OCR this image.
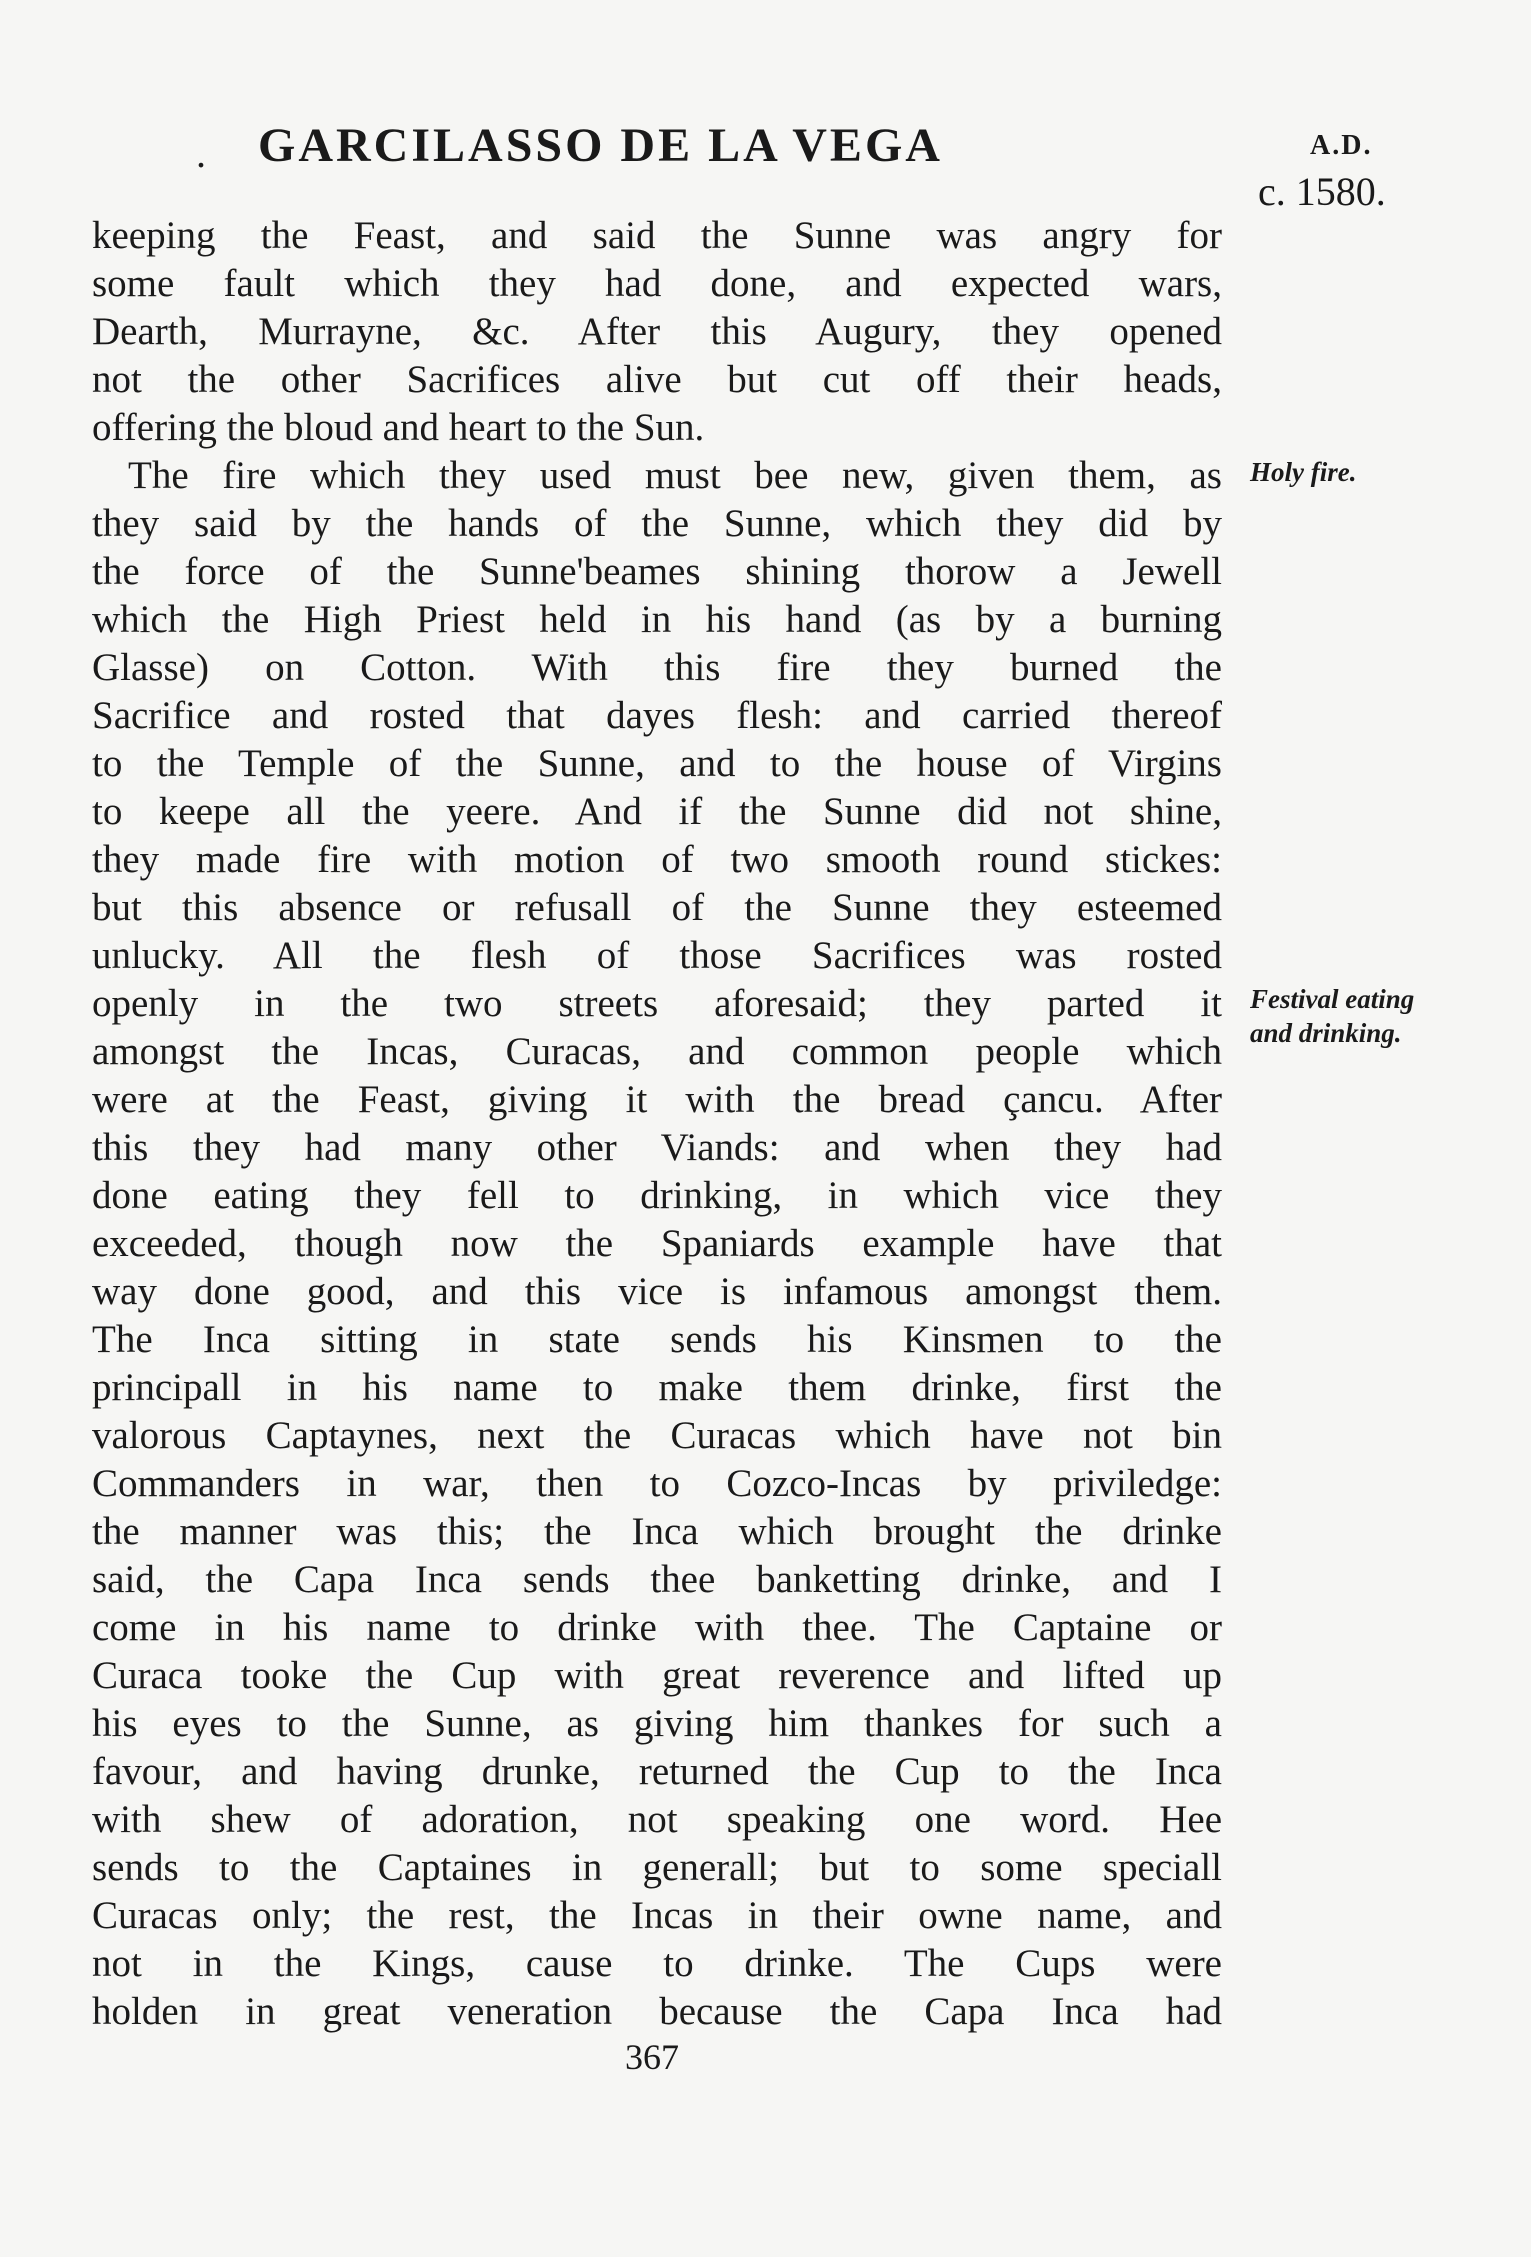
. GARCILASSO DE LA VEGA	A.D.
c. 1580.
keeping the Feast, and said the Sunne was angry for
some fault which they had done, and expected wars,
Dearth, Murrayne, &c. After this Augury, they opened
not the other Sacrifices alive but cut off their heads,
offering the bloud and heart to the Sun.
The fire which they used must bee new, given them, as
they said by the hands of the Sunne, which they did by
the force of the Sunne'beames shining thorow a Jewell
which the High Priest held in his hand (as by a burning
Glasse) on Cotton. With this fire they burned the
Sacrifice and rosted that dayes flesh: and carried thereof
to the Temple of the Sunne, and to the house of Virgins
to keepe all the yeere. And if the Sunne did not shine,
they made fire with motion of two smooth round stickes:
but this absence or refusall of the Sunne they esteemed
unlucky. All the flesh of those Sacrifices was rosted
openly in the two streets aforesaid; they parted it
amongst the Incas, Curacas, and common people which
were at the Feast, giving it with the bread çancu. After
this they had many other Viands: and when they had
done eating they fell to drinking, in which vice they
exceeded, though now the Spaniards example have that
way done good, and this vice is infamous amongst them.
The Inca sitting in state sends his Kinsmen to the
principall in his name to make them drinke, first the
valorous Captaynes, next the Curacas which have not bin
Commanders in war, then to Cozco-Incas by priviledge:
the manner was this; the Inca which brought the drinke
said, the Capa Inca sends thee banketting drinke, and I
come in his name to drinke with thee. The Captaine or
Curaca tooke the Cup with great reverence and lifted up
his eyes to the Sunne, as giving him thankes for such a
favour, and having drunke, returned the Cup to the Inca
with shew of adoration, not speaking one word. Hee
sends to the Captaines in generall; but to some speciall
Curacas only; the rest, the Incas in their owne name, and
not in the Kings, cause to drinke. The Cups were
holden in great veneration because the Capa Inca had
Holy fire.
Festival eating
and drinking.
367
